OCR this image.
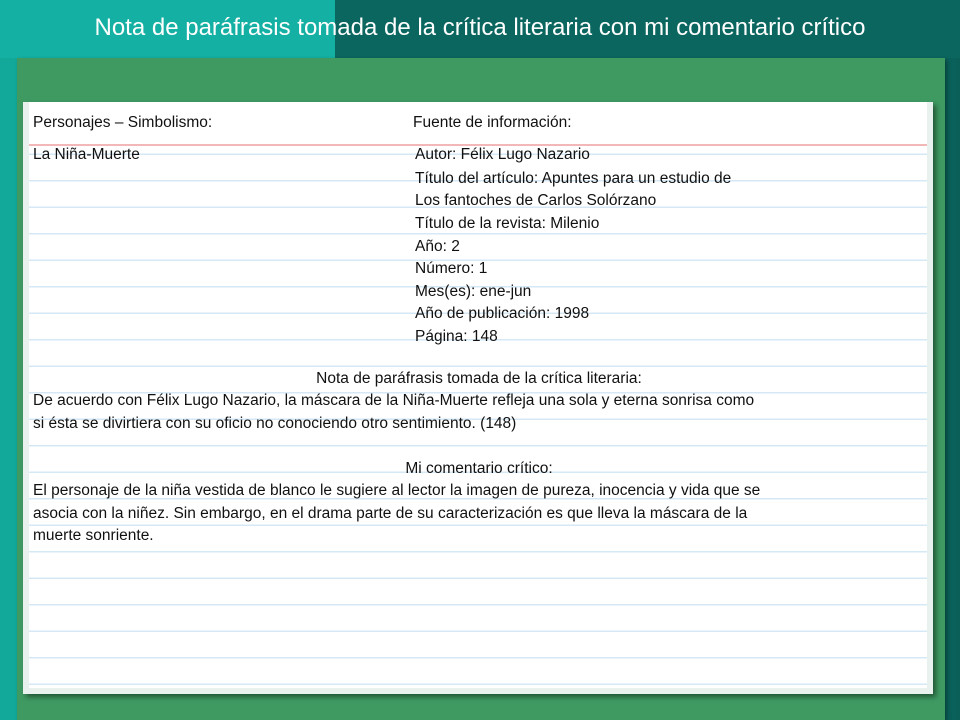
Nota de paráfrasis tomada de la crítica literaria con mi comentario crítico
Personajes – Simbolismo:	Fuente de información:
La Niña-Muerte	Autor: Félix Lugo Nazario
Título del artículo: Apuntes para un estudio de
Los fantoches de Carlos Solórzano
Título de la revista: Milenio
Año: 2
Número: 1
Mes(es): ene-jun
Año de publicación: 1998
Página: 148
Nota de paráfrasis tomada de la crítica literaria:
De acuerdo con Félix Lugo Nazario, la máscara de la Niña-Muerte refleja una sola y eterna sonrisa como
si ésta se divirtiera con su oficio no conociendo otro sentimiento. (148)
Mi comentario crítico:
El personaje de la niña vestida de blanco le sugiere al lector la imagen de pureza, inocencia y vida que se
asocia con la niñez. Sin embargo, en el drama parte de su caracterización es que lleva la máscara de la
muerte sonriente.
